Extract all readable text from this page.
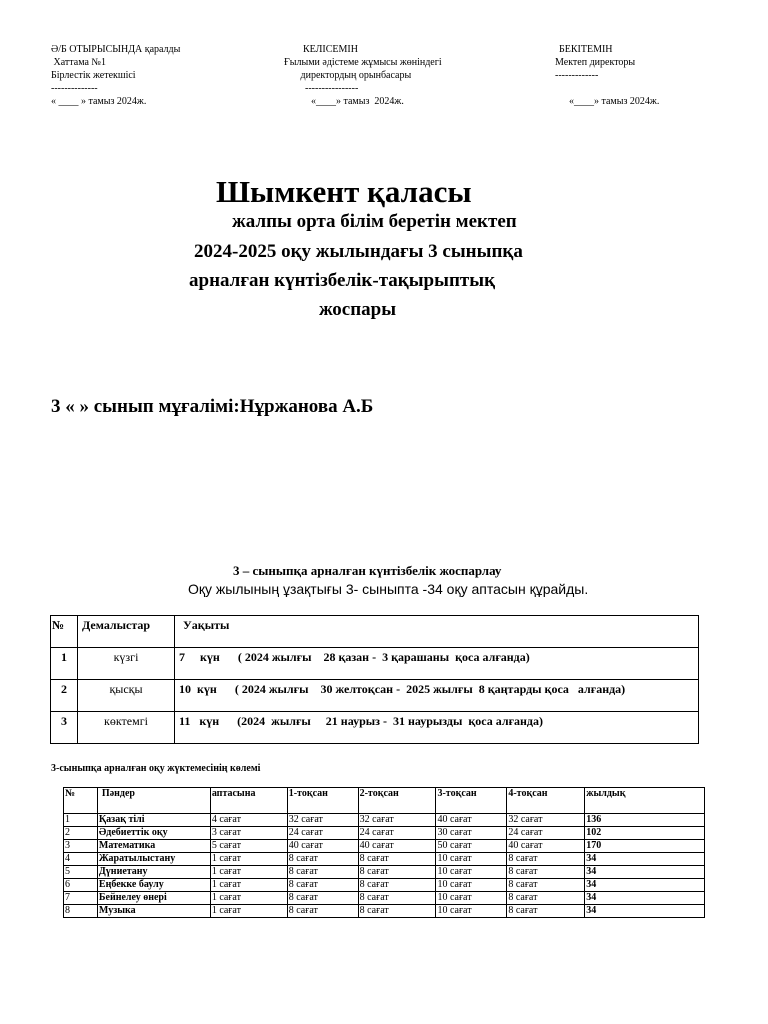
Ә/Б ОТЫРЫСЫНДА қаралды
Хаттама №1
Бірлестік жетекшісі
--------------
« ____ » тамыз 2024ж.
КЕЛІСЕМІН
Ғылыми әдістеме жұмысы жөніндегі
директордың орынбасары
----------------
«____» тамыз  2024ж.
БЕКІТЕМІН
Мектеп директоры
-------------
«____» тамыз 2024ж.
Шымкент қаласы
жалпы орта білім беретін мектеп
2024-2025 оқу жылындағы 3 сыныпқа
арналған күнтізбелік-тақырыптық
жоспары
3 « » сынып мұғалімі:Нұржанова А.Б
3 – сыныпқа арналған күнтізбелік жоспарлау
Оқу жылының ұзақтығы 3- сыныпта -34 оқу аптасын құрайды.
№	Демалыстар	Уақыты
1	күзгі	7     күн      ( 2024 жылғы    28 қазан -  3 қарашаны  қоса алғанда)
2	қысқы	10  күн      ( 2024 жылғы    30 желтоқсан -  2025 жылғы  8 қаңтарды қоса   алғанда)
3	көктемгі	11   күн      (2024  жылғы     21 наурыз -  31 наурызды  қоса алғанда)
3-сыныпқа арналған оқу жүктемесінің көлемі
№	Пәндер	аптасына	1-тоқсан	2-тоқсан	3-тоқсан	4-тоқсан	жылдық
1	Қазақ тілі	4 сағат	32 сағат	32 сағат	40 сағат	32 сағат	136
2	Әдебиеттік оқу	3 сағат	24 сағат	24 сағат	30 сағат	24 сағат	102
3	Математика	5 сағат	40 сағат	40 сағат	50 сағат	40 сағат	170
4	Жаратылыстану	1 сағат	8 сағат	8 сағат	10 сағат	8 сағат	34
5	Дүниетану	1 сағат	8 сағат	8 сағат	10 сағат	8 сағат	34
6	Еңбекке баулу	1 сағат	8 сағат	8 сағат	10 сағат	8 сағат	34
7	Бейнелеу өнері	1 сағат	8 сағат	8 сағат	10 сағат	8 сағат	34
8	Музыка	1 сағат	8 сағат	8 сағат	10 сағат	8 сағат	34
